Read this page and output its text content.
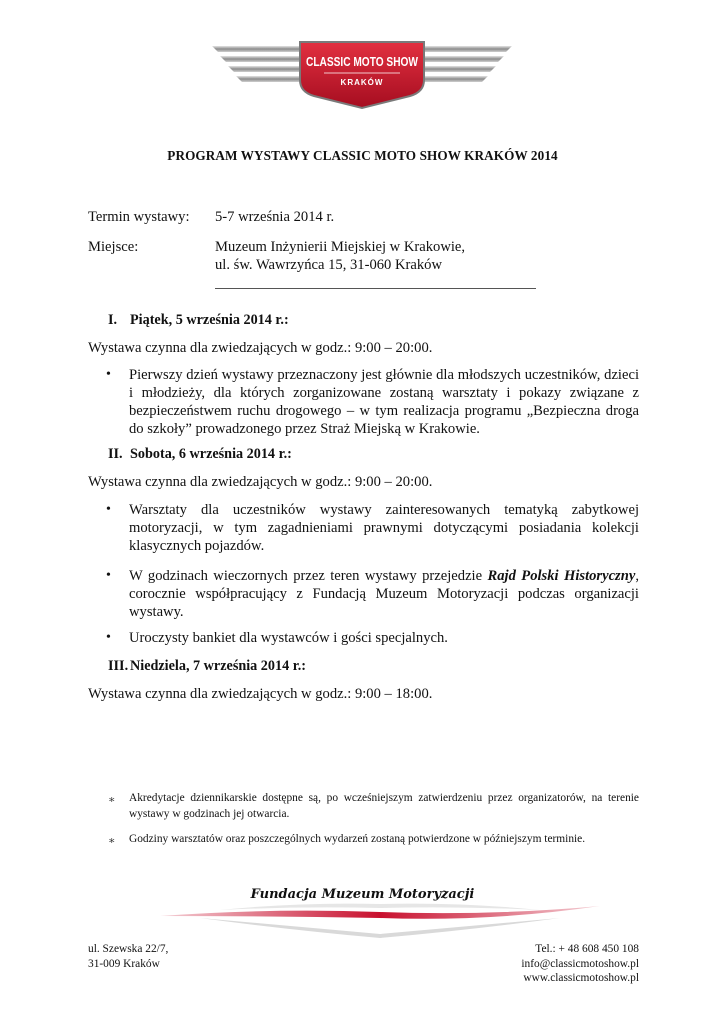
CLASSIC MOTO SHOW
KRAKÓW
PROGRAM WYSTAWY CLASSIC MOTO SHOW KRAKÓW 2014
Termin wystawy: 5-7 września 2014 r.
Miejsce:	Muzeum Inżynierii Miejskiej w Krakowie,
ul. św. Wawrzyńca 15, 31-060 Kraków
I. Piątek, 5 września 2014 r.:
Wystawa czynna dla zwiedzających w godz.: 9:00 – 20:00.
•	Pierwszy dzień wystawy przeznaczony jest głównie dla młodszych uczestników, dzieci i młodzieży, dla których zorganizowane zostaną warsztaty i pokazy związane z bezpieczeństwem ruchu drogowego – w tym realizacja programu „Bezpieczna droga do szkoły” prowadzonego przez Straż Miejską w Krakowie.
II. Sobota, 6 września 2014 r.:
Wystawa czynna dla zwiedzających w godz.: 9:00 – 20:00.
•	Warsztaty dla uczestników wystawy zainteresowanych tematyką zabytkowej motoryzacji, w tym zagadnieniami prawnymi dotyczącymi posiadania kolekcji klasycznych pojazdów.
•	W godzinach wieczornych przez teren wystawy przejedzie Rajd Polski Historyczny, corocznie współpracujący z Fundacją Muzeum Motoryzacji podczas organizacji wystawy.
•	Uroczysty bankiet dla wystawców i gości specjalnych.
III. Niedziela, 7 września 2014 r.:
Wystawa czynna dla zwiedzających w godz.: 9:00 – 18:00.
∗ Akredytacje dziennikarskie dostępne są, po wcześniejszym zatwierdzeniu przez organizatorów, na terenie wystawy w godzinach jej otwarcia.
∗ Godziny warsztatów oraz poszczególnych wydarzeń zostaną potwierdzone w późniejszym terminie.
Fundacja Muzeum Motoryzacji
ul. Szewska 22/7,
31-009 Kraków
Tel.: + 48 608 450 108
info@classicmotoshow.pl
www.classicmotoshow.pl
